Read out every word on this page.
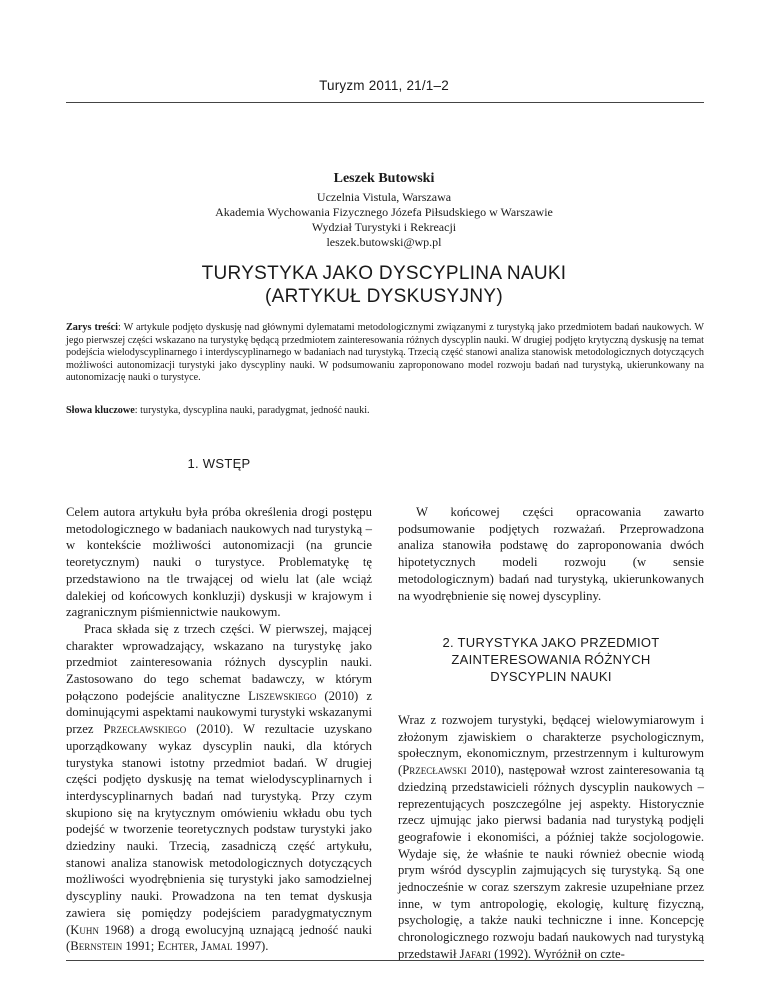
Turyzm 2011, 21/1–2
Leszek Butowski
Uczelnia Vistula, Warszawa
Akademia Wychowania Fizycznego Józefa Piłsudskiego w Warszawie
Wydział Turystyki i Rekreacji
leszek.butowski@wp.pl
TURYSTYKA JAKO DYSCYPLINA NAUKI
(ARTYKUŁ DYSKUSYJNY)
Zarys treści: W artykule podjęto dyskusję nad głównymi dylematami metodologicznymi związanymi z turystyką jako przedmiotem badań naukowych. W jego pierwszej części wskazano na turystykę będącą przedmiotem zainteresowania różnych dyscyplin nauki. W drugiej podjęto krytyczną dyskusję na temat podejścia wielodyscyplinarnego i interdyscyplinarnego w badaniach nad turystyką. Trzecią część stanowi analiza stanowisk metodologicznych dotyczących możliwości autonomizacji turystyki jako dyscypliny nauki. W podsumowaniu zaproponowano model rozwoju badań nad turystyką, ukierunkowany na autonomizację nauki o turystyce.
Słowa kluczowe: turystyka, dyscyplina nauki, paradygmat, jedność nauki.
1. WSTĘP

Celem autora artykułu była próba określenia drogi postępu metodologicznego w badaniach naukowych nad turystyką – w kontekście możliwości autonomizacji (na gruncie teoretycznym) nauki o turystyce. Problematykę tę przedstawiono na tle trwającej od wielu lat (ale wciąż dalekiej od końcowych konkluzji) dyskusji w krajowym i zagranicznym piśmiennictwie naukowym.

Praca składa się z trzech części. W pierwszej, mającej charakter wprowadzający, wskazano na turystykę jako przedmiot zainteresowania różnych dyscyplin nauki. Zastosowano do tego schemat badawczy, w którym połączono podejście analityczne Liszewskiego (2010) z dominującymi aspektami naukowymi turystyki wskazanymi przez Przecławskiego (2010). W rezultacie uzyskano uporządkowany wykaz dyscyplin nauki, dla których turystyka stanowi istotny przedmiot badań. W drugiej części podjęto dyskusję na temat wielodyscyplinarnych i interdyscyplinarnych badań nad turystyką. Przy czym skupiono się na krytycznym omówieniu wkładu obu tych podejść w tworzenie teoretycznych podstaw turystyki jako dziedziny nauki. Trzecią, zasadniczą część artykułu, stanowi analiza stanowisk metodologicznych dotyczących możliwości wyodrębnienia się turystyki jako samodzielnej dyscypliny nauki. Prowadzona na ten temat dyskusja zawiera się pomiędzy podejściem paradygmatycznym (Kuhn 1968) a drogą ewolucyjną uznającą jedność nauki (Bernstein 1991; Echter, Jamal 1997).

W końcowej części opracowania zawarto podsumowanie podjętych rozważań. Przeprowadzona analiza stanowiła podstawę do zaproponowania dwóch hipotetycznych modeli rozwoju (w sensie metodologicznym) badań nad turystyką, ukierunkowanych na wyodrębnienie się nowej dyscypliny.

2. TURYSTYKA JAKO PRZEDMIOT
ZAINTERESOWANIA RÓŻNYCH
DYSCYPLIN NAUKI

Wraz z rozwojem turystyki, będącej wielowymiarowym i złożonym zjawiskiem o charakterze psychologicznym, społecznym, ekonomicznym, przestrzennym i kulturowym (Przecławski 2010), następował wzrost zainteresowania tą dziedziną przedstawicieli różnych dyscyplin naukowych – reprezentujących poszczególne jej aspekty. Historycznie rzecz ujmując jako pierwsi badania nad turystyką podjęli geografowie i ekonomiści, a później także socjologowie. Wydaje się, że właśnie te nauki również obecnie wiodą prym wśród dyscyplin zajmujących się turystyką. Są one jednocześnie w coraz szerszym zakresie uzupełniane przez inne, w tym antropologię, ekologię, kulturę fizyczną, psychologię, a także nauki techniczne i inne. Koncepcję chronologicznego rozwoju badań naukowych nad turystyką przedstawił Jafari (1992). Wyróżnił on czte-
